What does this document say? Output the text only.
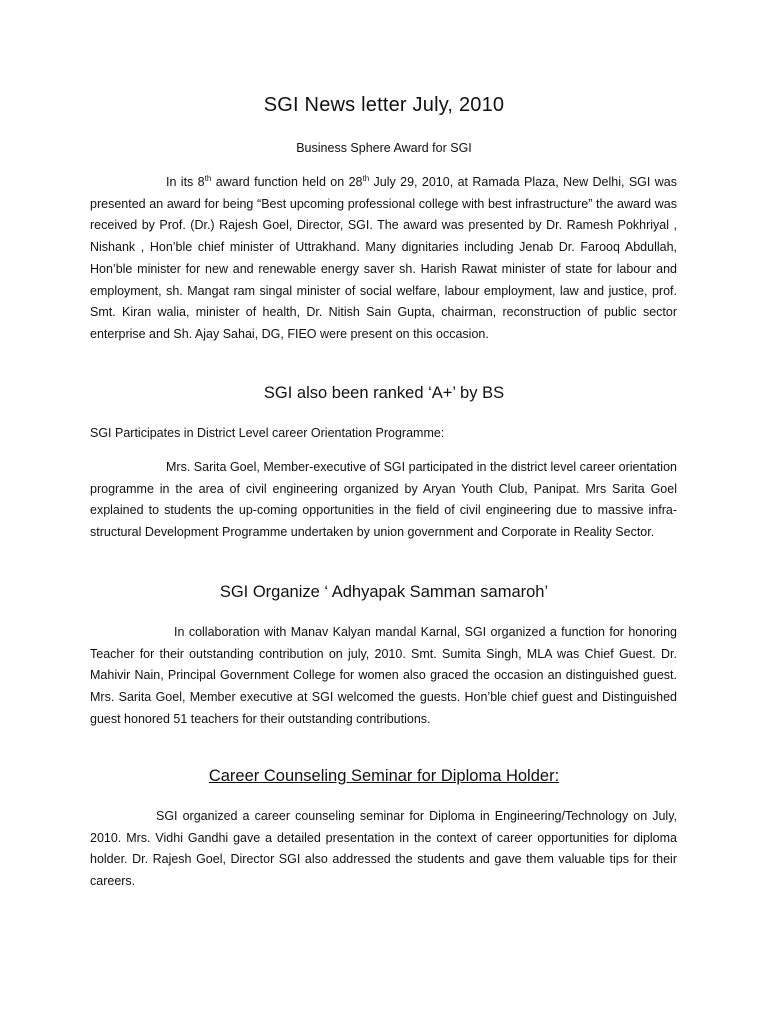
SGI News letter July, 2010
Business Sphere Award for SGI

In its 8th award function held on 28th July 29, 2010, at Ramada Plaza, New Delhi, SGI was presented an award for being “Best upcoming professional college with best infrastructure” the award was received by Prof. (Dr.) Rajesh Goel, Director, SGI. The award was presented by Dr. Ramesh Pokhriyal , Nishank , Hon’ble chief minister of Uttrakhand. Many dignitaries including Jenab Dr. Farooq Abdullah, Hon’ble minister for new and renewable energy saver sh. Harish Rawat minister of state for labour and employment, sh. Mangat ram singal minister of social welfare, labour employment, law and justice, prof. Smt. Kiran walia, minister of health, Dr. Nitish Sain Gupta, chairman, reconstruction of public sector enterprise and Sh. Ajay Sahai, DG, FIEO were present on this occasion.

SGI also been ranked ‘A+’ by BS

SGI Participates in District Level career Orientation Programme:

Mrs. Sarita Goel, Member-executive of SGI participated in the district level career orientation programme in the area of civil engineering organized by Aryan Youth Club, Panipat. Mrs Sarita Goel explained to students the up-coming opportunities in the field of civil engineering due to massive infra-structural Development Programme undertaken by union government and Corporate in Reality Sector.

SGI Organize ‘ Adhyapak Samman samaroh’

In collaboration with Manav Kalyan mandal Karnal, SGI organized a function for honoring Teacher for their outstanding contribution on july, 2010. Smt. Sumita Singh, MLA was Chief Guest. Dr. Mahivir Nain, Principal Government College for women also graced the occasion an distinguished guest. Mrs. Sarita Goel, Member executive at SGI welcomed the guests. Hon’ble chief guest and Distinguished guest honored 51 teachers for their outstanding contributions.

Career Counseling Seminar for Diploma Holder:

SGI organized a career counseling seminar for Diploma in Engineering/Technology on July, 2010. Mrs. Vidhi Gandhi gave a detailed presentation in the context of career opportunities for diploma holder. Dr. Rajesh Goel, Director SGI also addressed the students and gave them valuable tips for their careers.
